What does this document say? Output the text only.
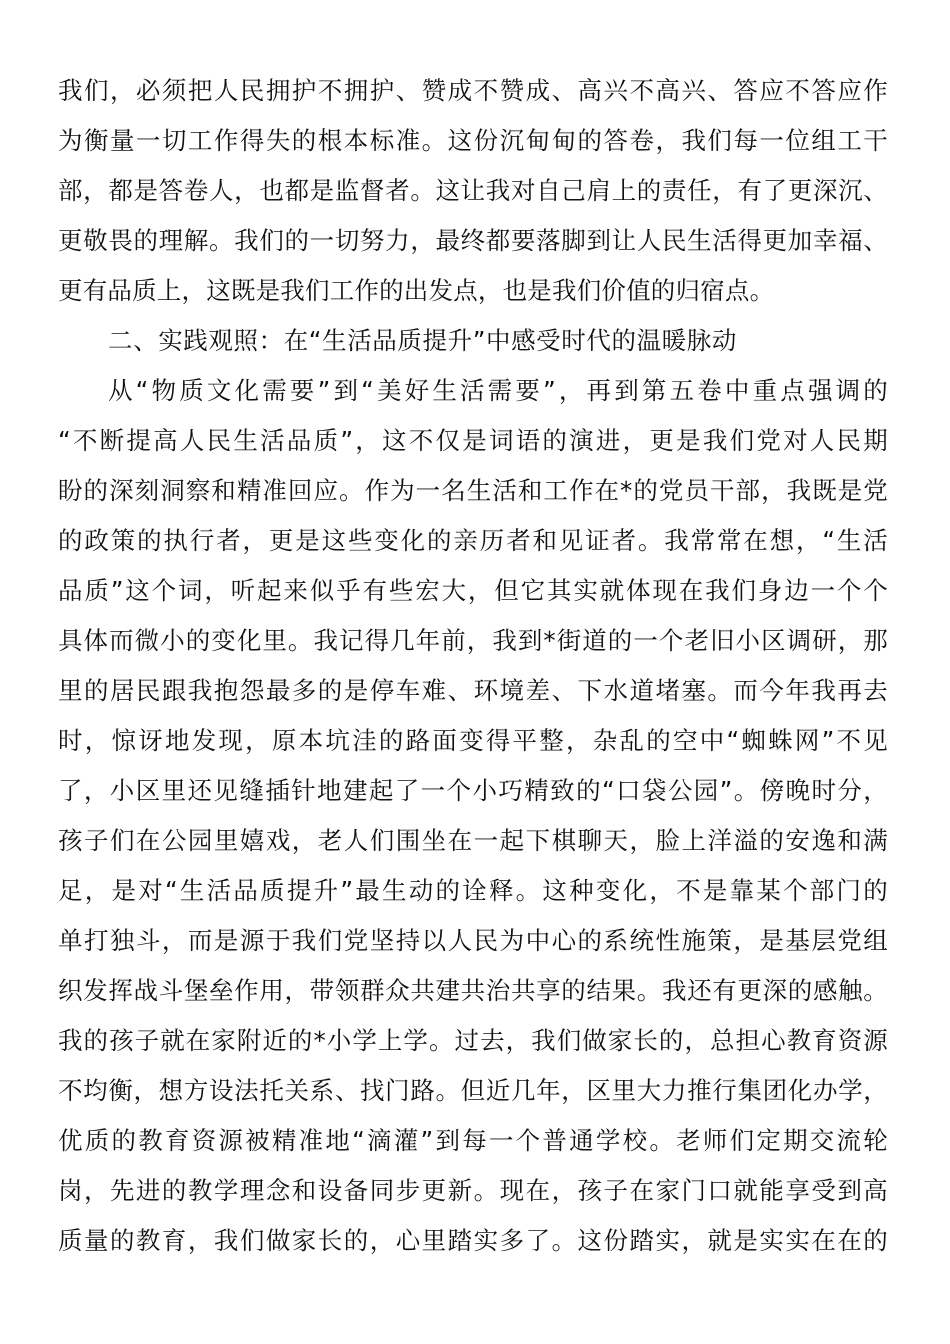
我们，必须把人民拥护不拥护、赞成不赞成、高兴不高兴、答应不答应作
为衡量一切工作得失的根本标准。这份沉甸甸的答卷，我们每一位组工干
部，都是答卷人，也都是监督者。这让我对自己肩上的责任，有了更深沉、
更敬畏的理解。我们的一切努力，最终都要落脚到让人民生活得更加幸福、
更有品质上，这既是我们工作的出发点，也是我们价值的归宿点。
二、实践观照：在“生活品质提升”中感受时代的温暖脉动
从“物质文化需要”到“美好生活需要”，再到第五卷中重点强调的
“不断提高人民生活品质”，这不仅是词语的演进，更是我们党对人民期
盼的深刻洞察和精准回应。作为一名生活和工作在*的党员干部，我既是党
的政策的执行者，更是这些变化的亲历者和见证者。我常常在想，“生活
品质”这个词，听起来似乎有些宏大，但它其实就体现在我们身边一个个
具体而微小的变化里。我记得几年前，我到*街道的一个老旧小区调研，那
里的居民跟我抱怨最多的是停车难、环境差、下水道堵塞。而今年我再去
时，惊讶地发现，原本坑洼的路面变得平整，杂乱的空中“蜘蛛网”不见
了，小区里还见缝插针地建起了一个小巧精致的“口袋公园”。傍晚时分，
孩子们在公园里嬉戏，老人们围坐在一起下棋聊天，脸上洋溢的安逸和满
足，是对“生活品质提升”最生动的诠释。这种变化，不是靠某个部门的
单打独斗，而是源于我们党坚持以人民为中心的系统性施策，是基层党组
织发挥战斗堡垒作用，带领群众共建共治共享的结果。我还有更深的感触。
我的孩子就在家附近的*小学上学。过去，我们做家长的，总担心教育资源
不均衡，想方设法托关系、找门路。但近几年，区里大力推行集团化办学，
优质的教育资源被精准地“滴灌”到每一个普通学校。老师们定期交流轮
岗，先进的教学理念和设备同步更新。现在，孩子在家门口就能享受到高
质量的教育，我们做家长的，心里踏实多了。这份踏实，就是实实在在的
